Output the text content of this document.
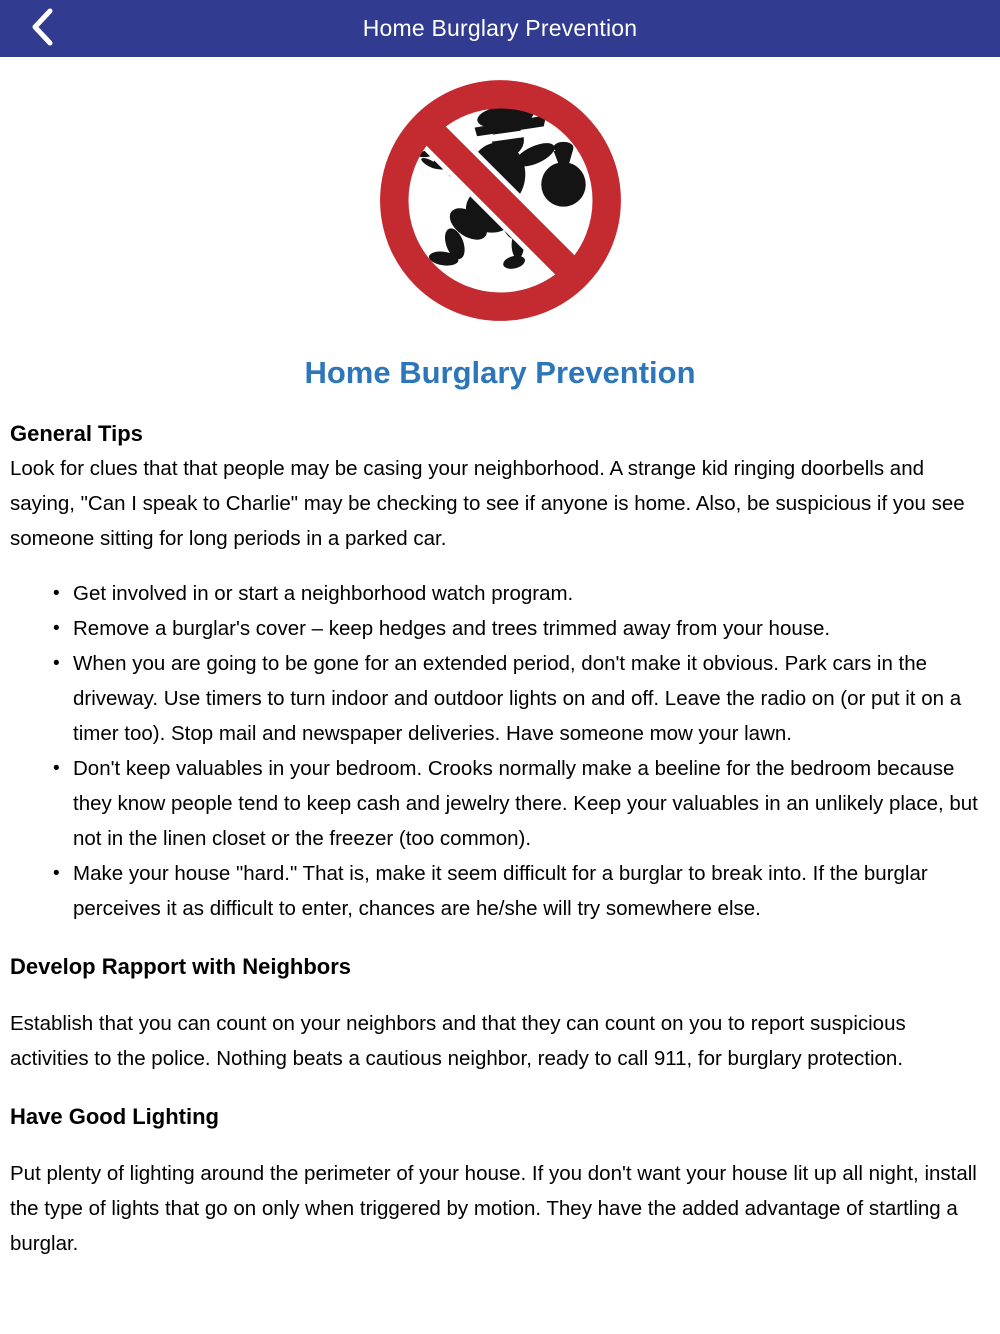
Home Burglary Prevention
Home Burglary Prevention
General Tips

Look for clues that that people may be casing your neighborhood. A strange kid ringing doorbells and saying, "Can I speak to Charlie" may be checking to see if anyone is home. Also, be suspicious if you see someone sitting for long periods in a parked car.

• Get involved in or start a neighborhood watch program.
• Remove a burglar's cover – keep hedges and trees trimmed away from your house.
• When you are going to be gone for an extended period, don't make it obvious. Park cars in the driveway. Use timers to turn indoor and outdoor lights on and off. Leave the radio on (or put it on a timer too). Stop mail and newspaper deliveries. Have someone mow your lawn.
• Don't keep valuables in your bedroom. Crooks normally make a beeline for the bedroom because they know people tend to keep cash and jewelry there. Keep your valuables in an unlikely place, but not in the linen closet or the freezer (too common).
• Make your house "hard." That is, make it seem difficult for a burglar to break into. If the burglar perceives it as difficult to enter, chances are he/she will try somewhere else.
Develop Rapport with Neighbors

Establish that you can count on your neighbors and that they can count on you to report suspicious activities to the police. Nothing beats a cautious neighbor, ready to call 911, for burglary protection.

Have Good Lighting

Put plenty of lighting around the perimeter of your house. If you don't want your house lit up all night, install the type of lights that go on only when triggered by motion. They have the added advantage of startling a burglar.
